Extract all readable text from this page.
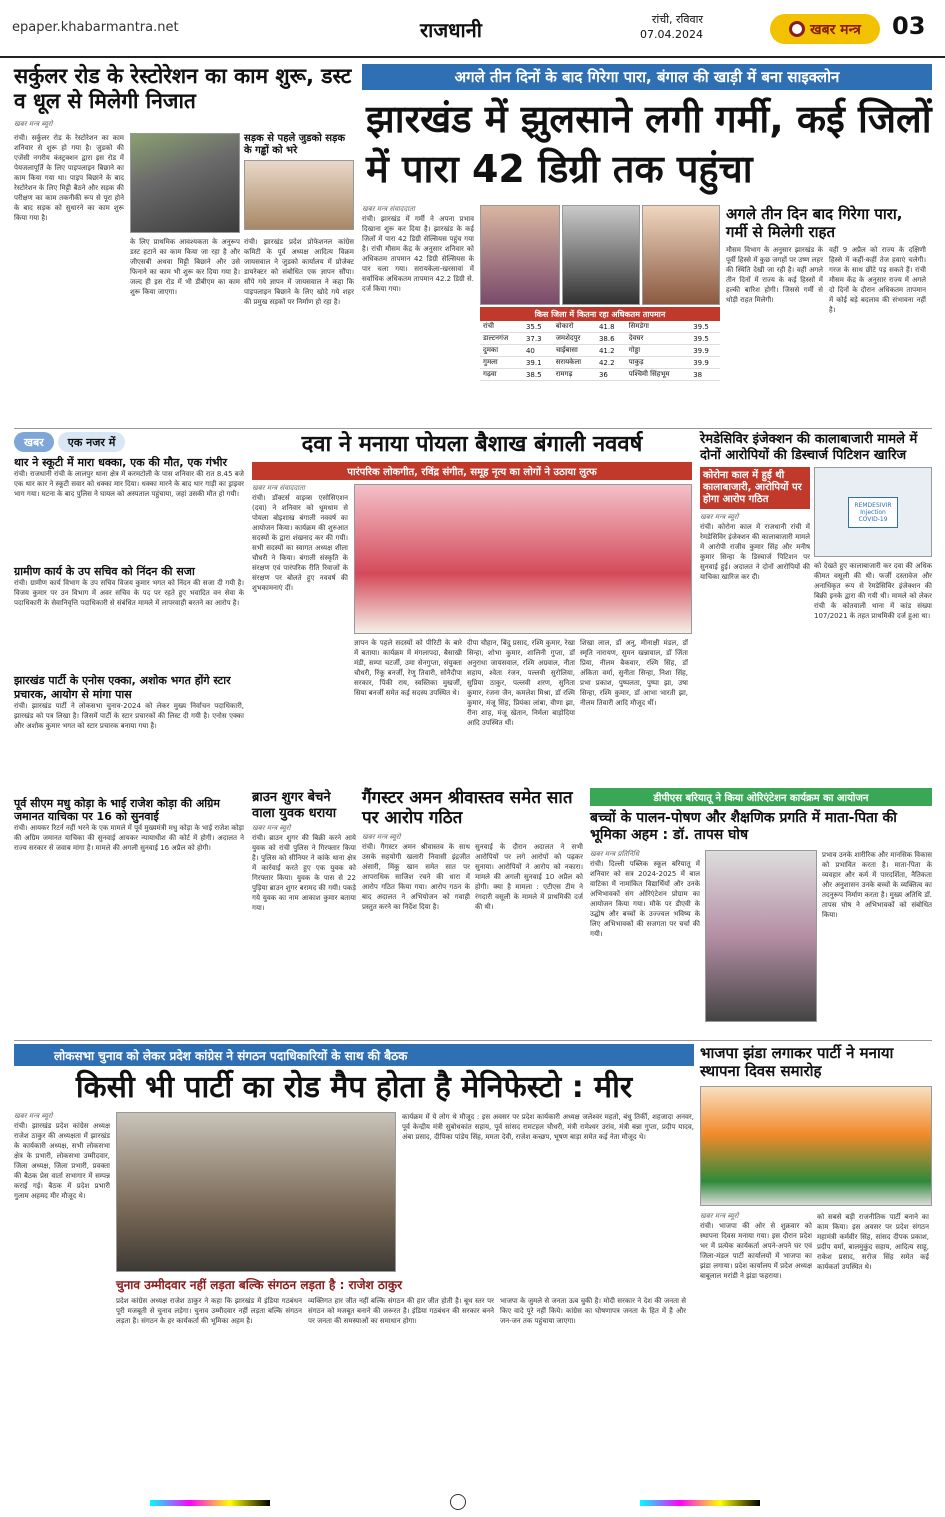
epaper.khabarmantra.net	राजधानी	रांची, रविवार
07.04.2024	खबर मन्त्र 03
सर्कुलर रोड के रेस्टोरेशन का काम शुरू, डस्ट व धूल से मिलेगी निजात
खबर मन्त्र ब्यूरो
रांची। सर्कुलर रोड के रेस्टोरेशन का काम शनिवार से शुरू हो गया है। जुडको की एजेंसी नगरीय कंस्ट्रक्शन द्वारा इस रोड में पेयजलापूर्ति के लिए पाइपलाइन बिछाने का काम किया गया था। पाइप बिछाने के बाद रेस्टोरेशन के लिए मिट्टी बैठने और सड़क की परीक्षण का काम तकनीकी रूप से पूरा होने के बाद सड़क को सुधारने का काम शुरू किया गया है।
सड़क से पहले जुडको सड़क के गड्ढों को भरे
के लिए प्राथमिक आवश्यकता के अनुरूप डस्ट हटाने का काम किया जा रहा है और जीएसबी अथवा मिट्टी बिछाने और उसे फिनाने का काम भी शुरू कर दिया गया है। जल्द ही इस रोड में भी डीबीएम का काम शुरू किया जाएगा।
रांची। झारखंड प्रदेश प्रोफेशनल कांग्रेस कमिटी के पूर्व अध्यक्ष आदित्य विक्रम जायसवाल ने जुडको कार्यालय में प्रोजेक्ट डायरेक्टर को संबोधित एक ज्ञापन सौंपा। सौंपे गये ज्ञापन में जायसवाल ने कहा कि पाइपलाइन बिछाने के लिए खोदे गये शहर की प्रमुख सड़कों पर निर्माण हो रहा है।
अगले तीन दिनों के बाद गिरेगा पारा, बंगाल की खाड़ी में बना साइक्लोन
झारखंड में झुलसाने लगी गर्मी, कई जिलों में पारा 42 डिग्री तक पहुंचा
खबर मन्त्र संवाददाता
रांची। झारखंड में गर्मी ने अपना प्रभाव दिखाना शुरू कर दिया है। झारखंड के कई जिलों में पारा 42 डिग्री सेल्सियस पहुंच गया है। रांची मौसम केंद्र के अनुसार शनिवार को अधिकतम तापमान 42 डिग्री सेल्सियस के पार चला गया। सरायकेला-खरसावां में सर्वाधिक अधिकतम तापमान 42.2 डिग्री से. दर्ज किया गया।
किस जिला में कितना रहा अधिकतम तापमान
रांची	35.5	बोकारो	41.8	सिमडेगा	39.5
डाल्टनगंज	37.3	जमशेदपुर	38.6	देवघर	39.5
दुमका	40	चाईबासा	41.2	गोड्डा	39.9
गुमला	39.1	सरायकेला	42.2	पाकुड़	39.9
गढ़वा	38.5	रामगढ़	36	पश्चिमी सिंहभूम	38
अगले तीन दिन बाद गिरेगा पारा, गर्मी से मिलेगी राहत
मौसम विभाग के अनुसार झारखंड के पूर्वी हिस्से में कुछ जगहों पर उष्ण लहर की स्थिति देखी जा रही है। वहीं अगले तीन दिनों में राज्य के कई हिस्सों में हल्की बारिश होगी। जिससे गर्मी से थोड़ी राहत मिलेगी।
वहीं 9 अप्रैल को राज्य के दक्षिणी हिस्से में कहीं-कहीं तेज हवाएं चलेगी। गरज के साथ छींटे पड़ सकते हैं। रांची मौसम केंद्र के अनुसार राज्य में अगले दो दिनों के दौरान अधिकतम तापमान में कोई बड़े बदलाव की संभावना नहीं है।
खबर	एक नजर में
थार ने स्कूटी में मारा धक्का, एक की मौत, एक गंभीर
रांची। राजधानी रांची के लालपुर थाना क्षेत्र में करमटोली के पास शनिवार की रात 8.45 बजे एक थार कार ने स्कूटी सवार को धक्का मार दिया। धक्का मारने के बाद थार गाड़ी का ड्राइवर भाग गया। घटना के बाद पुलिस ने घायल को अस्पताल पहुंचाया, जहां उसकी मौत हो गयी।
ग्रामीण कार्य के उप सचिव को निंदन की सजा
रांची। ग्रामीण कार्य विभाग के उप सचिव विजय कुमार भगत को निंदन की सजा दी गयी है। विजय कुमार पर उन विभाग में अवर सचिव के पद पर रहते हुए भवादित वन सेवा के पदाधिकारी के सेवानिवृत्ति पदाधिकारी से संबंधित मामले में लापरवाही बरतने का आरोप है।
झारखंड पार्टी के एनोस एक्का, अशोक भगत होंगे स्टार प्रचारक, आयोग से मांगा पास
रांची। झारखंड पार्टी ने लोकसभा चुनाव-2024 को लेकर मुख्य निर्वाचन पदाधिकारी, झारखंड को पत्र लिखा है। जिसमें पार्टी के स्टार प्रचारकों की लिस्ट दी गयी है। एनोस एक्का और अशोक कुमार भगत को स्टार प्रचारक बनाया गया है।
पूर्व सीएम मधु कोड़ा के भाई राजेश कोड़ा की अग्रिम जमानत याचिका पर 16 को सुनवाई
रांची। आयकर रिटर्न नहीं भरने के एक मामले में पूर्व मुख्यमंत्री मधु कोड़ा के भाई राजेश कोड़ा की अग्रिम जमानत याचिका की सुनवाई आयकर न्यायाधीश की कोर्ट में होगी। अदालत ने राज्य सरकार से जवाब मांगा है। मामले की अगली सुनवाई 16 अप्रैल को होगी।
दवा ने मनाया पोयला बैशाख बंगाली नववर्ष
पारंपरिक लोकगीत, रविंद्र संगीत, समूह नृत्य का लोगों ने उठाया लुत्फ
खबर मन्त्र संवाददाता
रांची। डॉक्टर्स वाइव्स एसोसिएशन (दवा) ने शनिवार को धूमधाम से पोयला बोइशाख बंगाली नववर्ष का आयोजन किया। कार्यक्रम की शुरुआत सदस्यों के द्वारा शंखनाद कर की गयी। सभी सदस्यों का स्वागत अध्यक्ष शीला चौधरी ने किया। बंगाली संस्कृति के संरक्षण एवं पारंपरिक रीति रिवाजों के संरक्षण पर बोलते हुए नववर्ष की शुभकामनाएं दीं।
ज्ञापन के पहले सदस्यों को पीरिटी के बारे में बताया। कार्यक्रम में मंगलापदा, बैसाखी मंडी, सम्पा चटर्जी, उमा सेनगुप्ता, संयुक्ता चौधरी, रिंकू बनर्जी, रेणु तिवारी, सोनैदीपा सरकार, पिंकी राय, स्वस्तिका मुखर्जी, सिया बनर्जी समेत कई सदस्य उपस्थित थे।
दीपा चौहान, बिंदु प्रसाद, रश्मि कुमार, रेखा सिन्हा, शोभा कुमार, शालिनी गुप्ता, डॉ अनुराधा जायसवाल, रश्मि अग्रवाल, नीता सहाय, श्वेता रंजन, पल्लवी सुरोलिया, सुप्रिया ठाकुर, पल्लवी शरण, सुनिता कुमार, रंजना जैन, कमलेश मिश्रा, डॉ रश्मि कुमार, मंजू सिंह, प्रियंका लांबा, वीणा झा, रीना शाह, मंजू खेतान, निर्मला बाड़ोदिया आदि उपस्थित थीं।
शिखा लाल, डॉ अनु, मीनाक्षी मंडल, डॉ स्मृति नारायण, सुमन खन्नावाल, डॉ जिंता प्रिया, नीलम बैकवार, रश्मि सिंह, डॉ अंकिता वर्मा, सुनीता सिन्हा, निशा सिंह, प्रभा प्रकाश, पुष्पलता, पुष्पा झा, उषा सिन्हा, रश्मि कुमार, डॉ आभा भारती झा, नीलम तिवारी आदि मौजूद थीं।
रेमडेसिविर इंजेक्शन की कालाबाजारी मामले में दोनों आरोपियों की डिस्चार्ज पिटिशन खारिज
कोरोना काल में हुई थी कालाबाजारी, आरोपियों पर होगा आरोप गठित
खबर मन्त्र ब्यूरो
रांची। कोरोना काल में राजधानी रांची में रेमडेसिविर इंजेक्शन की कालाबाजारी मामले में आरोपी राजीव कुमार सिंह और मनीष कुमार सिन्हा के डिस्चार्ज पिटिशन पर सुनवाई हुई। अदालत ने दोनों आरोपियों की याचिका खारिज कर दी।
REMDESIVIR Injection COVID-19
को देखते हुए कालाबाजारी कर दवा की अधिक कीमत वसूली की थी। फर्जी दस्तावेज और अनाधिकृत रूप से रेमडेसिविर इंजेक्शन की बिक्री इनके द्वारा की गयी थी। मामले को लेकर रांची के कोतवाली थाना में कांड संख्या 107/2021 के तहत प्राथमिकी दर्ज हुआ था।
ब्राउन शुगर बेचने वाला युवक धराया
खबर मन्त्र ब्यूरो
रांची। ब्राउन शुगर की बिक्री करने आये युवक को रांची पुलिस ने गिरफ्तार किया है। पुलिस को सीनियर ने कांके थाना क्षेत्र में कार्रवाई करते हुए एक युवक को गिरफ्तार किया। युवक के पास से 22 पुड़िया ब्राउन शुगर बरामद की गयी। पकड़े गये युवक का नाम आकाश कुमार बताया गया।
गैंगस्टर अमन श्रीवास्तव समेत सात पर आरोप गठित
खबर मन्त्र ब्यूरो
रांची। गैंगस्टर अमन श्रीवास्तव के साथ उसके सहयोगी खलारी निवासी इंद्रजीत अंसारी, मिंकू खान समेत सात पर आपराधिक साजिश रचने की धारा में आरोप गठित किया गया। आरोप गठन के बाद अदालत ने अभियोजन को गवाही प्रस्तुत करने का निर्देश दिया है।
सुनवाई के दौरान अदालत ने सभी आरोपियों पर लगे आरोपों को पढ़कर सुनाया। आरोपियों ने आरोप को नकारा। मामले की अगली सुनवाई 10 अप्रैल को होगी। क्या है मामला : एटीएस टीम ने रंगदारी वसूली के मामले में प्राथमिकी दर्ज की थी।
डीपीएस बरियातू ने किया ओरिएंटेशन कार्यक्रम का आयोजन
बच्चों के पालन-पोषण और शैक्षणिक प्रगति में माता-पिता की भूमिका अहम : डॉ. तापस घोष
खबर मन्त्र प्रतिनिधि
रांची। दिल्ली पब्लिक स्कूल बरियातू में शनिवार को सत्र 2024-2025 में बाल वाटिका में नामांकित विद्यार्थियों और उनके अभिभावकों संग ओरिएंटेशन प्रोग्राम का आयोजन किया गया। मौके पर डीएवी के उद्घोष और बच्चों के उज्ज्वल भविष्य के लिए अभिभावकों की सजगता पर चर्चा की गयी।
प्रभाव उनके शारीरिक और मानसिक विकास को प्रभावित करता है। माता-पिता के व्यवहार और कर्म में पारदर्शिता, नैतिकता और अनुशासन उनके बच्चों के व्यक्तित्व का तदनुरूप निर्माण करता है। मुख्य अतिथि डॉ. तापस घोष ने अभिभावकों को संबोधित किया।
लोकसभा चुनाव को लेकर प्रदेश कांग्रेस ने संगठन पदाधिकारियों के साथ की बैठक
किसी भी पार्टी का रोड मैप होता है मेनिफेस्टो : मीर
खबर मन्त्र ब्यूरो
रांची। झारखंड प्रदेश कांग्रेस अध्यक्ष राजेश ठाकुर की अध्यक्षता में झारखंड के कार्यकारी अध्यक्ष, सभी लोकसभा क्षेत्र के प्रभारी, लोकसभा उम्मीदवार, जिला अध्यक्ष, जिला प्रभारी, प्रवक्ता की बैठक प्रेस वार्ता सभागार में सम्पन्न कराई गई। बैठक में प्रदेश प्रभारी गुलाम अहमद मीर मौजूद थे।
कार्यक्रम में ये लोग थे मौजूद : इस अवसर पर प्रदेश कार्यकारी अध्यक्ष जलेश्वर महतो, बंधु तिर्की, शहजादा अनवर, पूर्व केन्द्रीय मंत्री सुबोधकांत सहाय, पूर्व सांसद रामटहल चौधरी, मंत्री रामेश्वर उरांव, मंत्री बन्ना गुप्ता, प्रदीप यादव, अंबा प्रसाद, दीपिका पांडेय सिंह, ममता देवी, राजेश कच्छप, भूषण बाड़ा समेत कई नेता मौजूद थे।
चुनाव उम्मीदवार नहीं लड़ता बल्कि संगठन लड़ता है : राजेश ठाकुर
प्रदेश कांग्रेस अध्यक्ष राजेश ठाकुर ने कहा कि झारखंड में इंडिया गठबंधन पूरी मजबूती से चुनाव लड़ेगा। चुनाव उम्मीदवार नहीं लड़ता बल्कि संगठन लड़ता है। संगठन के हर कार्यकर्ता की भूमिका अहम है।
व्यक्तिगत हार जीत नहीं बल्कि संगठन की हार जीत होती है। बूथ स्तर पर संगठन को मजबूत बनाने की जरूरत है। इंडिया गठबंधन की सरकार बनने पर जनता की समस्याओं का समाधान होगा।
भाजपा के जुमले से जनता ऊब चुकी है। मोदी सरकार ने देश की जनता से किए वादे पूरे नहीं किये। कांग्रेस का घोषणापत्र जनता के हित में है और जन-जन तक पहुंचाया जाएगा।
भाजपा झंडा लगाकर पार्टी ने मनाया स्थापना दिवस समारोह
खबर मन्त्र ब्यूरो
रांची। भाजपा की ओर से शुक्रवार को स्थापना दिवस मनाया गया। इस दौरान प्रदेश भर में प्रत्येक कार्यकर्ता अपने-अपने घर एवं जिला-मंडल पार्टी कार्यालयों में भाजपा का झंडा लगाया। प्रदेश कार्यालय में प्रदेश अध्यक्ष बाबूलाल मरांडी ने झंडा फहराया।
को सबसे बड़ी राजनीतिक पार्टी बनाने का काम किया। इस अवसर पर प्रदेश संगठन महामंत्री कर्मवीर सिंह, सांसद दीपक प्रकाश, प्रदीप वर्मा, बालमुकुंद सहाय, आदित्य साहू, राकेश प्रसाद, सरोज सिंह समेत कई कार्यकर्ता उपस्थित थे।
